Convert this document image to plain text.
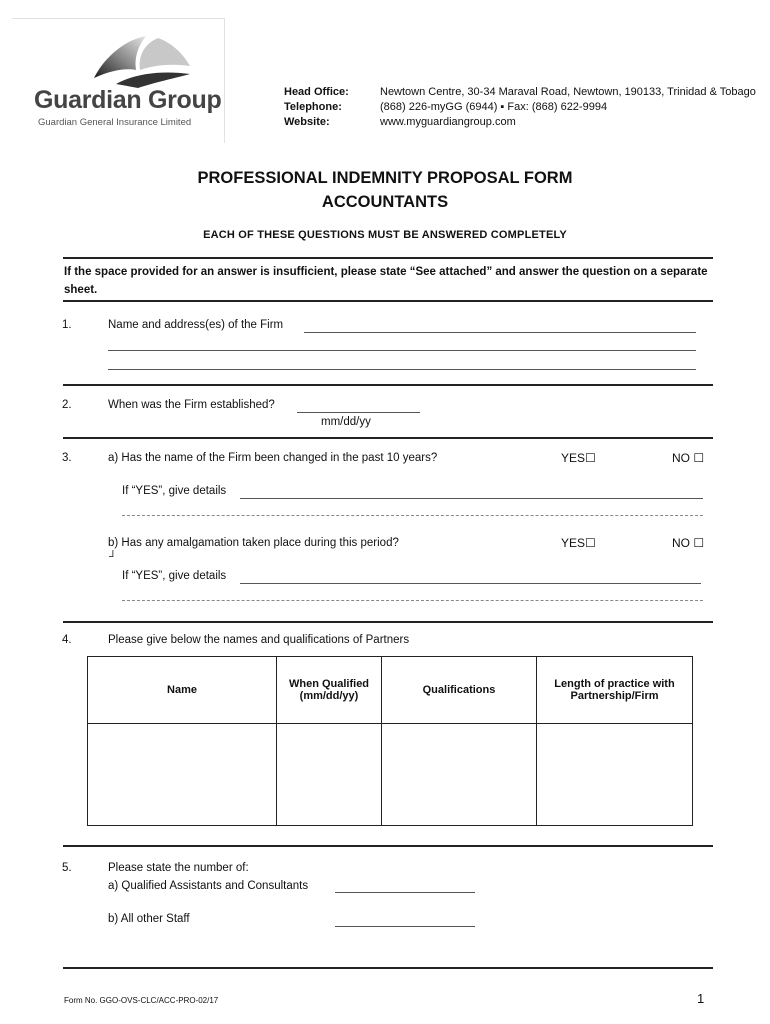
Guardian Group
Guardian General Insurance Limited
Head Office:	Newtown Centre, 30-34 Maraval Road, Newtown, 190133, Trinidad & Tobago
Telephone:	(868) 226-myGG (6944) ▪ Fax: (868) 622-9994
Website:	www.myguardiangroup.com
PROFESSIONAL INDEMNITY PROPOSAL FORM
ACCOUNTANTS
EACH OF THESE QUESTIONS MUST BE ANSWERED COMPLETELY
If the space provided for an answer is insufficient, please state “See attached” and answer the question on a separate sheet.
1.	Name and address(es) of the Firm
2.	When was the Firm established?
mm/dd/yy
3.	a) Has the name of the Firm been changed in the past 10 years?	YES☐	NO ☐
If “YES”, give details
b) Has any amalgamation taken place during this period?	YES☐	NO ☐
┘
If “YES”, give details
4.	Please give below the names and qualifications of Partners
Name	When Qualified (mm/dd/yy)	Qualifications	Length of practice with Partnership/Firm

5.	Please state the number of:
a) Qualified Assistants and Consultants
b) All other Staff
Form No. GGO-OVS-CLC/ACC-PRO-02/17	1
